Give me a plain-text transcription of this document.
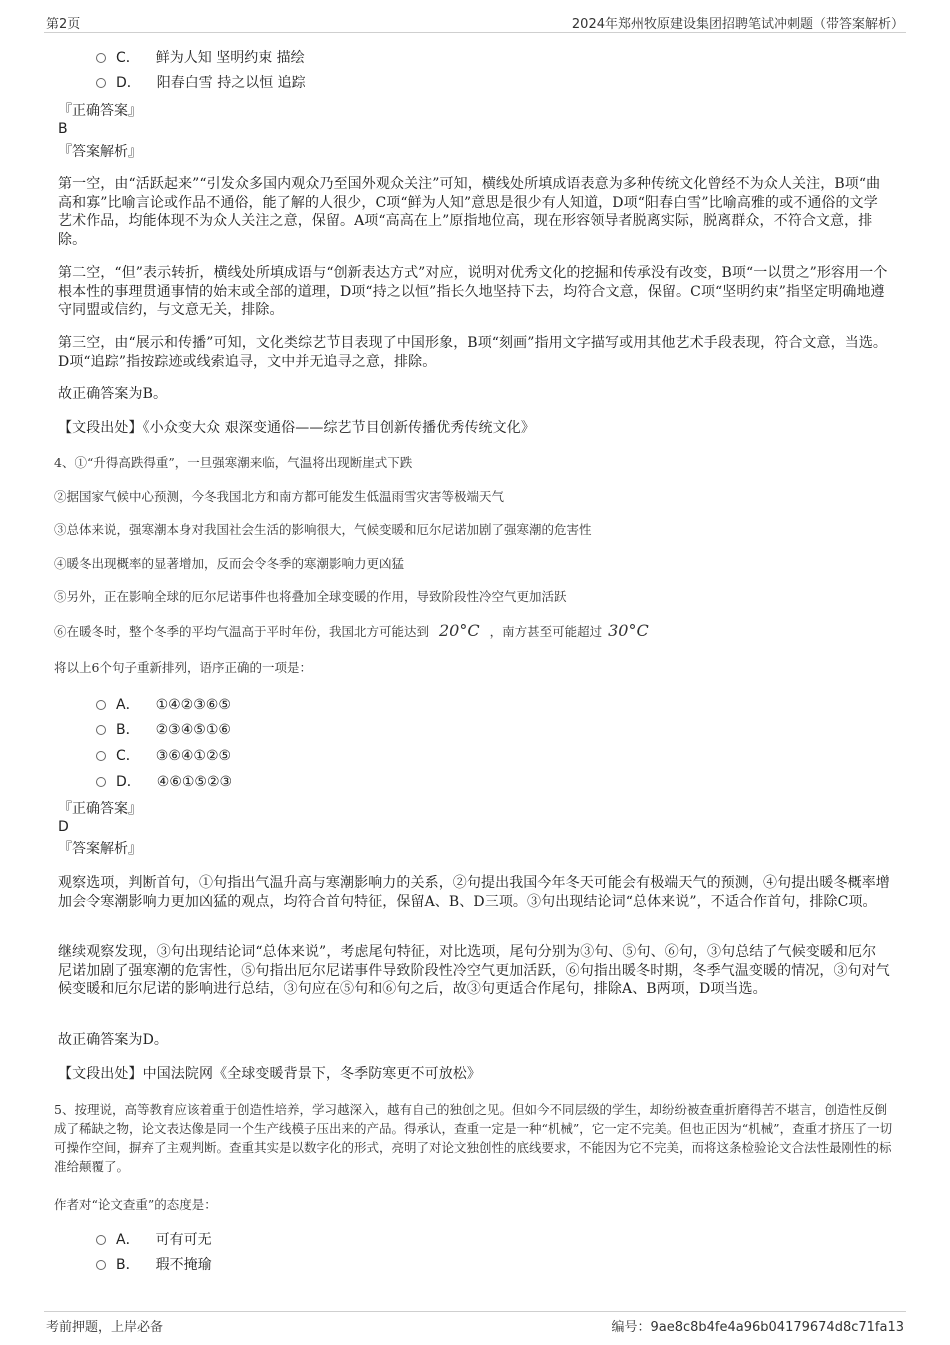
第2页	2024年郑州牧原建设集团招聘笔试冲刺题（带答案解析）
C． 鲜为人知 坚明约束 描绘
D． 阳春白雪 持之以恒 追踪
『正确答案』
B
『答案解析』
第一空，由“活跃起来”“引发众多国内观众乃至国外观众关注”可知，横线处所填成语表意为多种传统文化曾经不为众人关注，B项“曲高和寡”比喻言论或作品不通俗，能了解的人很少，C项“鲜为人知”意思是很少有人知道，D项“阳春白雪”比喻高雅的或不通俗的文学艺术作品，均能体现不为众人关注之意，保留。A项“高高在上”原指地位高，现在形容领导者脱离实际，脱离群众，不符合文意，排除。
第二空，“但”表示转折，横线处所填成语与“创新表达方式”对应，说明对优秀文化的挖掘和传承没有改变，B项“一以贯之”形容用一个根本性的事理贯通事情的始末或全部的道理，D项“持之以恒”指长久地坚持下去，均符合文意，保留。C项“坚明约束”指坚定明确地遵守同盟或信约，与文意无关，排除。
第三空，由“展示和传播”可知，文化类综艺节目表现了中国形象，B项“刻画”指用文字描写或用其他艺术手段表现，符合文意，当选。D项“追踪”指按踪迹或线索追寻，文中并无追寻之意，排除。
故正确答案为B。
【文段出处】《小众变大众 艰深变通俗——综艺节目创新传播优秀传统文化》
4、①“升得高跌得重”，一旦强寒潮来临，气温将出现断崖式下跌
②据国家气候中心预测，今冬我国北方和南方都可能发生低温雨雪灾害等极端天气
③总体来说，强寒潮本身对我国社会生活的影响很大，气候变暖和厄尔尼诺加剧了强寒潮的危害性
④暖冬出现概率的显著增加，反而会令冬季的寒潮影响力更凶猛
⑤另外，正在影响全球的厄尔尼诺事件也将叠加全球变暖的作用，导致阶段性冷空气更加活跃
⑥在暖冬时，整个冬季的平均气温高于平时年份，我国北方可能达到 20°C ，南方甚至可能超过 30°C
将以上6个句子重新排列，语序正确的一项是：
A． ①④②③⑥⑤
B． ②③④⑤①⑥
C． ③⑥④①②⑤
D． ④⑥①⑤②③
『正确答案』
D
『答案解析』
观察选项，判断首句，①句指出气温升高与寒潮影响力的关系，②句提出我国今年冬天可能会有极端天气的预测，④句提出暖冬概率增加会令寒潮影响力更加凶猛的观点，均符合首句特征，保留A、B、D三项。③句出现结论词“总体来说”，不适合作首句，排除C项。
继续观察发现，③句出现结论词“总体来说”，考虑尾句特征，对比选项，尾句分别为③句、⑤句、⑥句，③句总结了气候变暖和厄尔尼诺加剧了强寒潮的危害性，⑤句指出厄尔尼诺事件导致阶段性冷空气更加活跃，⑥句指出暖冬时期，冬季气温变暖的情况，③句对气候变暖和厄尔尼诺的影响进行总结，③句应在⑤句和⑥句之后，故③句更适合作尾句，排除A、B两项，D项当选。
故正确答案为D。
【文段出处】中国法院网《全球变暖背景下，冬季防寒更不可放松》
5、按理说，高等教育应该着重于创造性培养，学习越深入，越有自己的独创之见。但如今不同层级的学生，却纷纷被查重折磨得苦不堪言，创造性反倒成了稀缺之物，论文表达像是同一个生产线模子压出来的产品。得承认，查重一定是一种“机械”，它一定不完美。但也正因为“机械”，查重才挤压了一切可操作空间，摒弃了主观判断。查重其实是以数字化的形式，亮明了对论文独创性的底线要求，不能因为它不完美，而将这条检验论文合法性最刚性的标准给颠覆了。
作者对“论文查重”的态度是：
A． 可有可无
B． 瑕不掩瑜
考前押题，上岸必备	编号：9ae8c8b4fe4a96b04179674d8c71fa13
